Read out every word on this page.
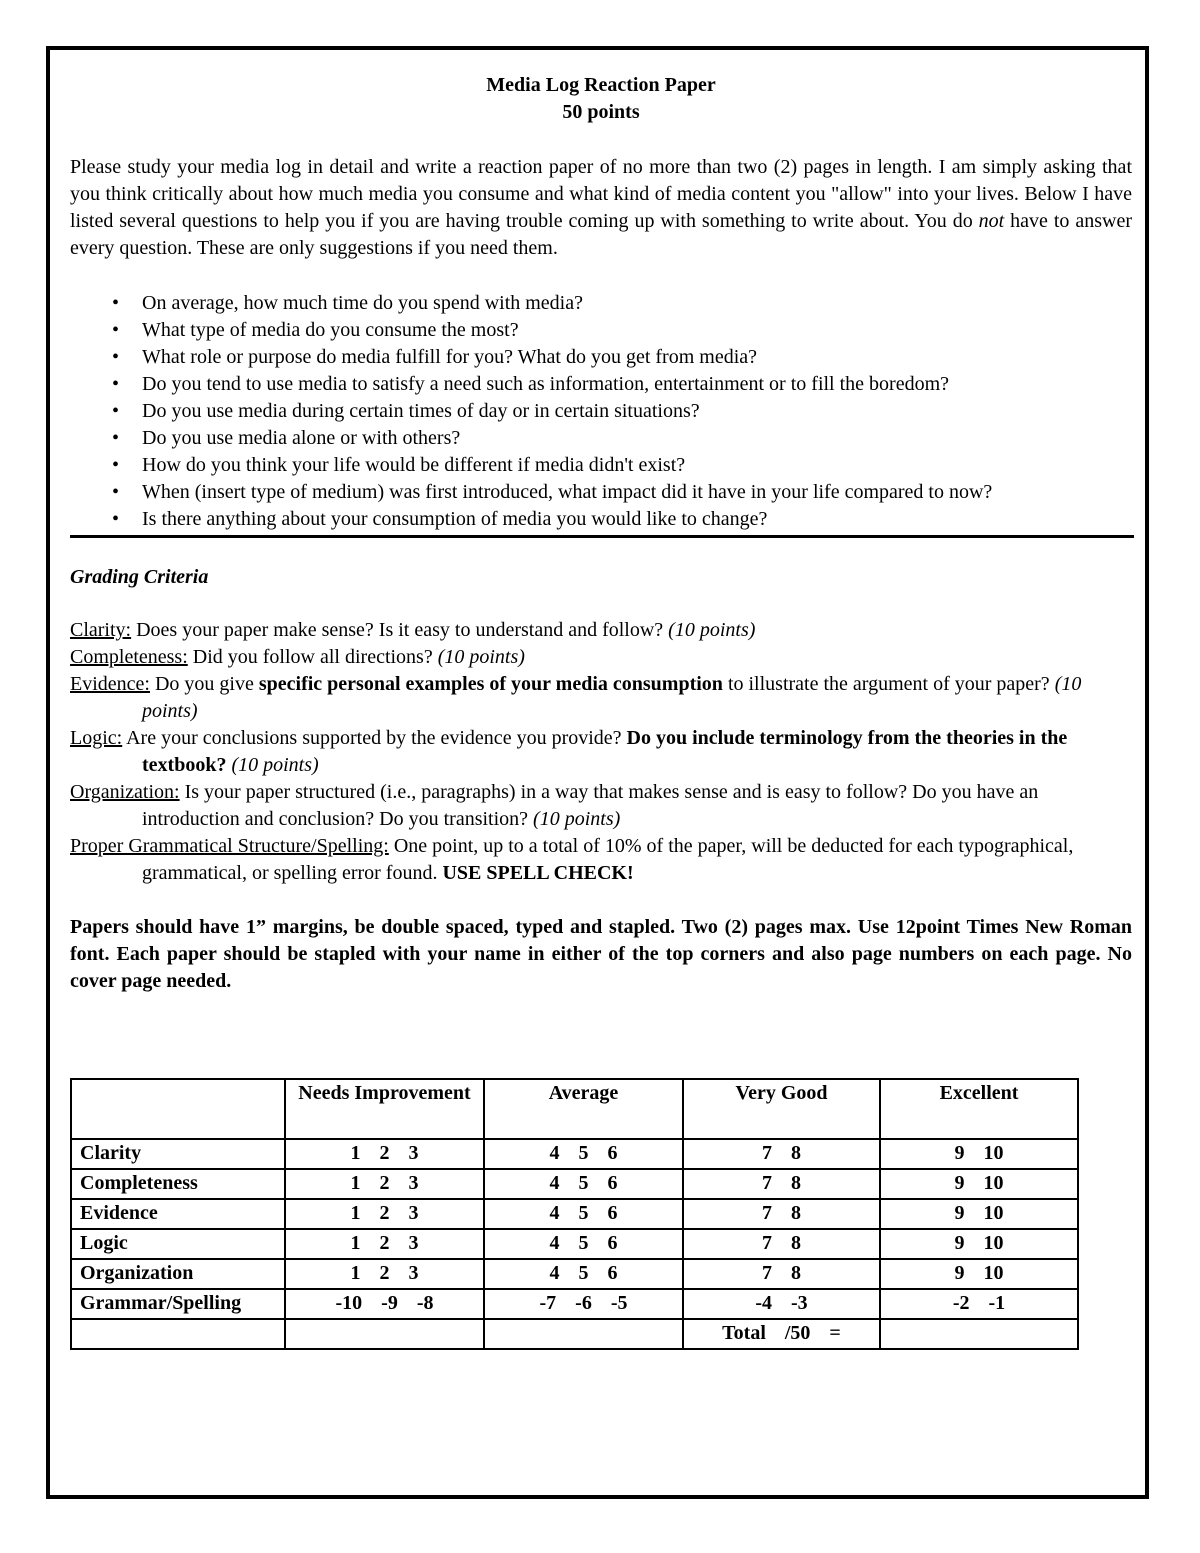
Media Log Reaction Paper
50 points

Please study your media log in detail and write a reaction paper of no more than two (2) pages in length. I am simply asking that you think critically about how much media you consume and what kind of media content you "allow" into your lives. Below I have listed several questions to help you if you are having trouble coming up with something to write about. You do not have to answer every question. These are only suggestions if you need them.

• On average, how much time do you spend with media?
• What type of media do you consume the most?
• What role or purpose do media fulfill for you? What do you get from media?
• Do you tend to use media to satisfy a need such as information, entertainment or to fill the boredom?
• Do you use media during certain times of day or in certain situations?
• Do you use media alone or with others?
• How do you think your life would be different if media didn't exist?
• When (insert type of medium) was first introduced, what impact did it have in your life compared to now?
• Is there anything about your consumption of media you would like to change?
Grading Criteria
Clarity: Does your paper make sense? Is it easy to understand and follow? (10 points)
Completeness: Did you follow all directions? (10 points)
Evidence: Do you give specific personal examples of your media consumption to illustrate the argument of your paper? (10 points)
Logic: Are your conclusions supported by the evidence you provide? Do you include terminology from the theories in the textbook? (10 points)
Organization: Is your paper structured (i.e., paragraphs) in a way that makes sense and is easy to follow? Do you have an introduction and conclusion? Do you transition? (10 points)
Proper Grammatical Structure/Spelling: One point, up to a total of 10% of the paper, will be deducted for each typographical, grammatical, or spelling error found. USE SPELL CHECK!

Papers should have 1” margins, be double spaced, typed and stapled. Two (2) pages max. Use 12point Times New Roman font. Each paper should be stapled with your name in either of the top corners and also page numbers on each page. No cover page needed.

	Needs Improvement	Average	Very Good	Excellent
Clarity	1 2 3	4 5 6	7 8	9 10
Completeness	1 2 3	4 5 6	7 8	9 10
Evidence	1 2 3	4 5 6	7 8	9 10
Logic	1 2 3	4 5 6	7 8	9 10
Organization	1 2 3	4 5 6	7 8	9 10
Grammar/Spelling	-10 -9 -8	-7 -6 -5	-4 -3	-2 -1
			Total /50 =	
